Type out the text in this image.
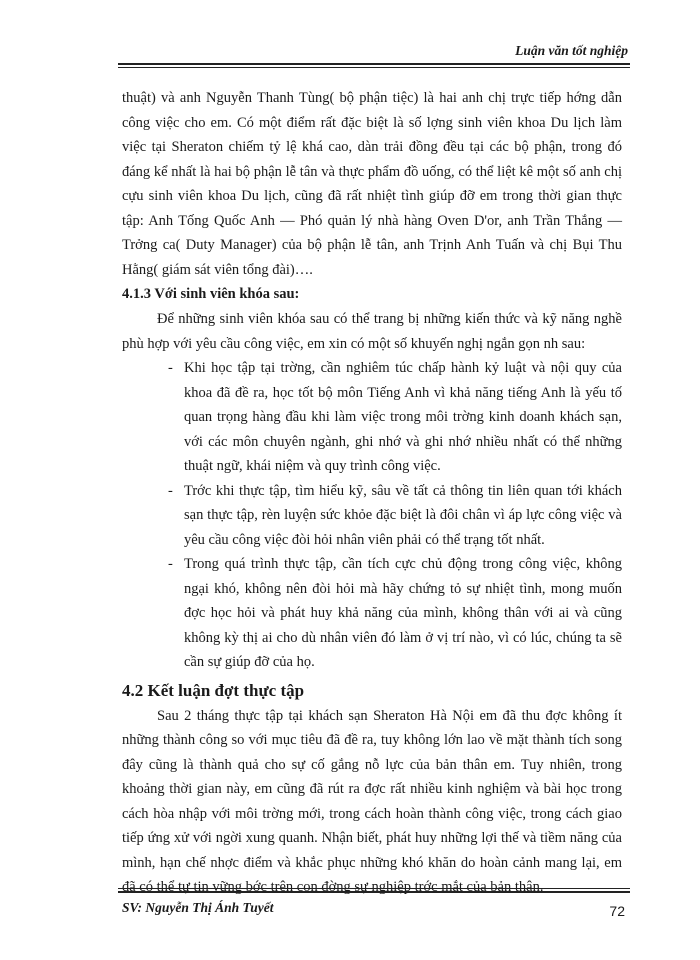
Luận văn tốt nghiệp

thuật) và anh Nguyễn Thanh Tùng( bộ phận tiệc) là hai anh chị trực tiếp hớng dẫn công việc cho em. Có một điểm rất đặc biệt là số lợng sinh viên khoa Du lịch làm việc tại Sheraton chiếm tỷ lệ khá cao, dàn trải đồng đều tại các bộ phận, trong đó đáng kể nhất là hai bộ phận lễ tân và thực phẩm đồ uống, có thể liệt kê một số anh chị cựu sinh viên khoa Du lịch, cũng đã rất nhiệt tình giúp đỡ em trong thời gian thực tập: Anh Tống Quốc Anh — Phó quản lý nhà hàng Oven D'or, anh Trần Thắng — Trởng ca( Duty Manager) của bộ phận lễ tân, anh Trịnh Anh Tuấn và chị Bụi Thu Hằng( giám sát viên tổng đài)….

4.1.3 Với sinh viên khóa sau:

Để những sinh viên khóa sau có thể trang bị những kiến thức và kỹ năng nghề phù hợp với yêu cầu công việc, em xin có một số khuyến nghị ngắn gọn nh sau:

- Khi học tập tại trờng, cần nghiêm túc chấp hành kỷ luật và nội quy của khoa đã đề ra, học tốt bộ môn Tiếng Anh vì khả năng tiếng Anh là yếu tố quan trọng hàng đầu khi làm việc trong môi trờng kinh doanh khách sạn, với các môn chuyên ngành, ghi nhớ và ghi nhớ nhiều nhất có thể những thuật ngữ, khái niệm và quy trình công việc.
- Trớc khi thực tập, tìm hiểu kỹ, sâu về tất cả thông tin liên quan tới khách sạn thực tập, rèn luyện sức khỏe đặc biệt là đôi chân vì áp lực công việc và yêu cầu công việc đòi hỏi nhân viên phải có thể trạng tốt nhất.
- Trong quá trình thực tập, cần tích cực chủ động trong công việc, không ngại khó, không nên đòi hỏi mà hãy chứng tỏ sự nhiệt tình, mong muốn đợc học hỏi và phát huy khả năng của mình, không thân với ai và cũng không kỳ thị ai cho dù nhân viên đó làm ở vị trí nào, vì có lúc, chúng ta sẽ cần sự giúp đỡ của họ.
4.2 Kết luận đợt thực tập

Sau 2 tháng thực tập tại khách sạn Sheraton Hà Nội em đã thu đợc không ít những thành công so với mục tiêu đã đề ra, tuy không lớn lao về mặt thành tích song đây cũng là thành quả cho sự cố gắng nỗ lực của bản thân em. Tuy nhiên, trong khoảng thời gian này, em cũng đã rút ra đợc rất nhiều kinh nghiệm và bài học trong cách hòa nhập với môi trờng mới, trong cách hoàn thành công việc, trong cách giao tiếp ứng xử với ngời xung quanh. Nhận biết, phát huy những lợi thế và tiềm năng của mình, hạn chế nhợc điểm và khắc phục những khó khăn do hoàn cảnh mang lại, em đã có thể tự tin vững bớc trên con đờng sự nghiệp trớc mắt của bản thân.

SV: Nguyễn Thị Ánh Tuyết	72
